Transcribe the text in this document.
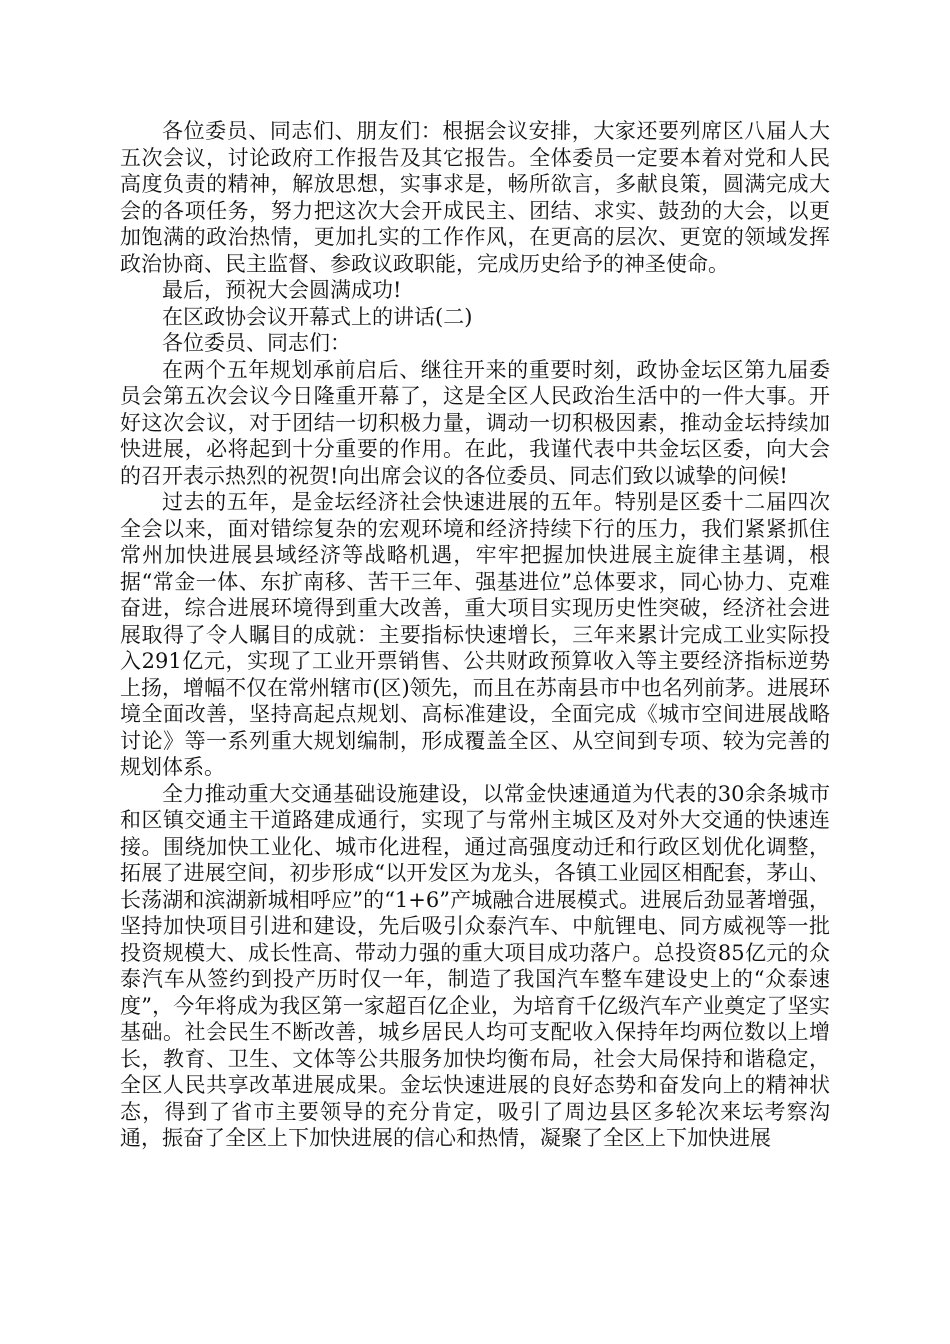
各位委员、同志们、朋友们：根据会议安排，大家还要列席区八届人大五次会议，讨论政府工作报告及其它报告。全体委员一定要本着对党和人民高度负责的精神，解放思想，实事求是，畅所欲言，多献良策，圆满完成大会的各项任务，努力把这次大会开成民主、团结、求实、鼓劲的大会，以更加饱满的政治热情，更加扎实的工作作风，在更高的层次、更宽的领域发挥政治协商、民主监督、参政议政职能，完成历史给予的神圣使命。

最后，预祝大会圆满成功!

在区政协会议开幕式上的讲话(二)

各位委员、同志们：

在两个五年规划承前启后、继往开来的重要时刻，政协金坛区第九届委员会第五次会议今日隆重开幕了，这是全区人民政治生活中的一件大事。开好这次会议，对于团结一切积极力量，调动一切积极因素，推动金坛持续加快进展，必将起到十分重要的作用。在此，我谨代表中共金坛区委，向大会的召开表示热烈的祝贺!向出席会议的各位委员、同志们致以诚挚的问候!

过去的五年，是金坛经济社会快速进展的五年。特别是区委十二届四次全会以来，面对错综复杂的宏观环境和经济持续下行的压力，我们紧紧抓住常州加快进展县域经济等战略机遇，牢牢把握加快进展主旋律主基调，根据“常金一体、东扩南移、苦干三年、强基进位”总体要求，同心协力、克难奋进，综合进展环境得到重大改善，重大项目实现历史性突破，经济社会进展取得了令人瞩目的成就：主要指标快速增长，三年来累计完成工业实际投入291亿元，实现了工业开票销售、公共财政预算收入等主要经济指标逆势上扬，增幅不仅在常州辖市(区)领先，而且在苏南县市中也名列前茅。进展环境全面改善，坚持高起点规划、高标准建设，全面完成《城市空间进展战略讨论》等一系列重大规划编制，形成覆盖全区、从空间到专项、较为完善的规划体系。

全力推动重大交通基础设施建设，以常金快速通道为代表的30余条城市和区镇交通主干道路建成通行，实现了与常州主城区及对外大交通的快速连接。围绕加快工业化、城市化进程，通过高强度动迁和行政区划优化调整，拓展了进展空间，初步形成“以开发区为龙头，各镇工业园区相配套，茅山、长荡湖和滨湖新城相呼应”的“1+6”产城融合进展模式。进展后劲显著增强，坚持加快项目引进和建设，先后吸引众泰汽车、中航锂电、同方威视等一批投资规模大、成长性高、带动力强的重大项目成功落户。总投资85亿元的众泰汽车从签约到投产历时仅一年，制造了我国汽车整车建设史上的“众泰速度”，今年将成为我区第一家超百亿企业，为培育千亿级汽车产业奠定了坚实基础。社会民生不断改善，城乡居民人均可支配收入保持年均两位数以上增长，教育、卫生、文体等公共服务加快均衡布局，社会大局保持和谐稳定，全区人民共享改革进展成果。金坛快速进展的良好态势和奋发向上的精神状态，得到了省市主要领导的充分肯定，吸引了周边县区多轮次来坛考察沟通，振奋了全区上下加快进展的信心和热情，凝聚了全区上下加快进展
